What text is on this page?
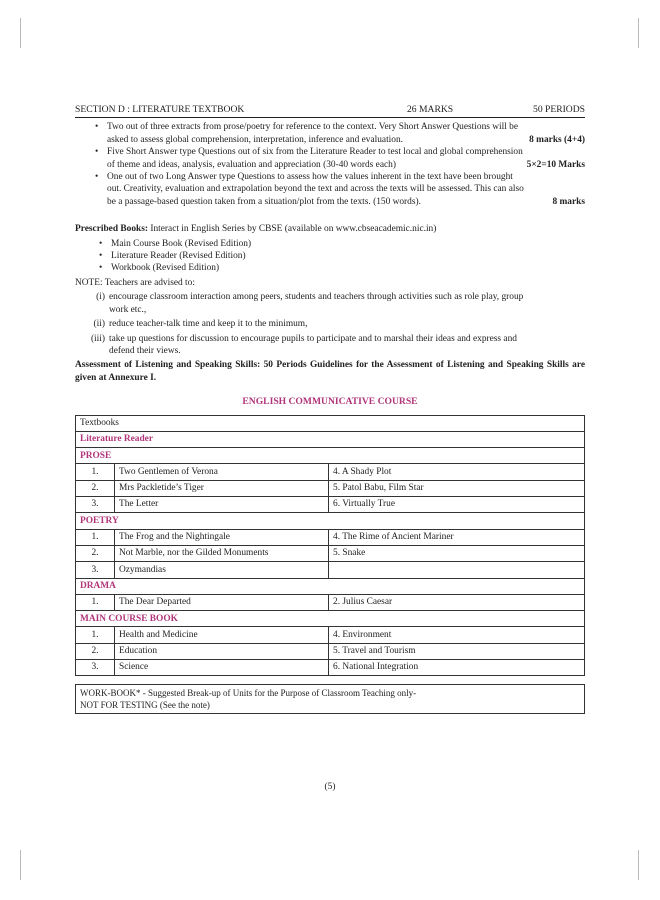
SECTION D : LITERATURE TEXTBOOK	26 MARKS	50 PERIODS
• Two out of three extracts from prose/poetry for reference to the context. Very Short Answer Questions will be
asked to assess global comprehension, interpretation, inference and evaluation.	8 marks (4+4)
• Five Short Answer type Questions out of six from the Literature Reader to test local and global comprehension
of theme and ideas, analysis, evaluation and appreciation (30-40 words each)	5×2=10 Marks
• One out of two Long Answer type Questions to assess how the values inherent in the text have been brought
out. Creativity, evaluation and extrapolation beyond the text and across the texts will be assessed. This can also
be a passage-based question taken from a situation/plot from the texts. (150 words).	8 marks
Prescribed Books: Interact in English Series by CBSE (available on www.cbseacademic.nic.in)
• Main Course Book (Revised Edition)
• Literature Reader (Revised Edition)
• Workbook (Revised Edition)
NOTE: Teachers are advised to:
(i) encourage classroom interaction among peers, students and teachers through activities such as role play, group
work etc.,
(ii) reduce teacher-talk time and keep it to the minimum,
(iii) take up questions for discussion to encourage pupils to participate and to marshal their ideas and express and
defend their views.
Assessment of Listening and Speaking Skills: 50 Periods Guidelines for the Assessment of Listening and Speaking Skills are given at Annexure I.
ENGLISH COMMUNICATIVE COURSE
Textbooks		
Literature Reader		
PROSE		
1.	Two Gentlemen of Verona	4. A Shady Plot
2.	Mrs Packletide’s Tiger	5. Patol Babu, Film Star
3.	The Letter	6. Virtually True
POETRY		
1.	The Frog and the Nightingale	4. The Rime of Ancient Mariner
2.	Not Marble, nor the Gilded Monuments	5. Snake
3.	Ozymandias	
DRAMA		
1.	The Dear Departed	2. Julius Caesar
MAIN COURSE BOOK		
1.	Health and Medicine	4. Environment
2.	Education	5. Travel and Tourism
3.	Science	6. National Integration
WORK-BOOK* - Suggested Break-up of Units for the Purpose of Classroom Teaching only-
NOT FOR TESTING (See the note)
(5)
